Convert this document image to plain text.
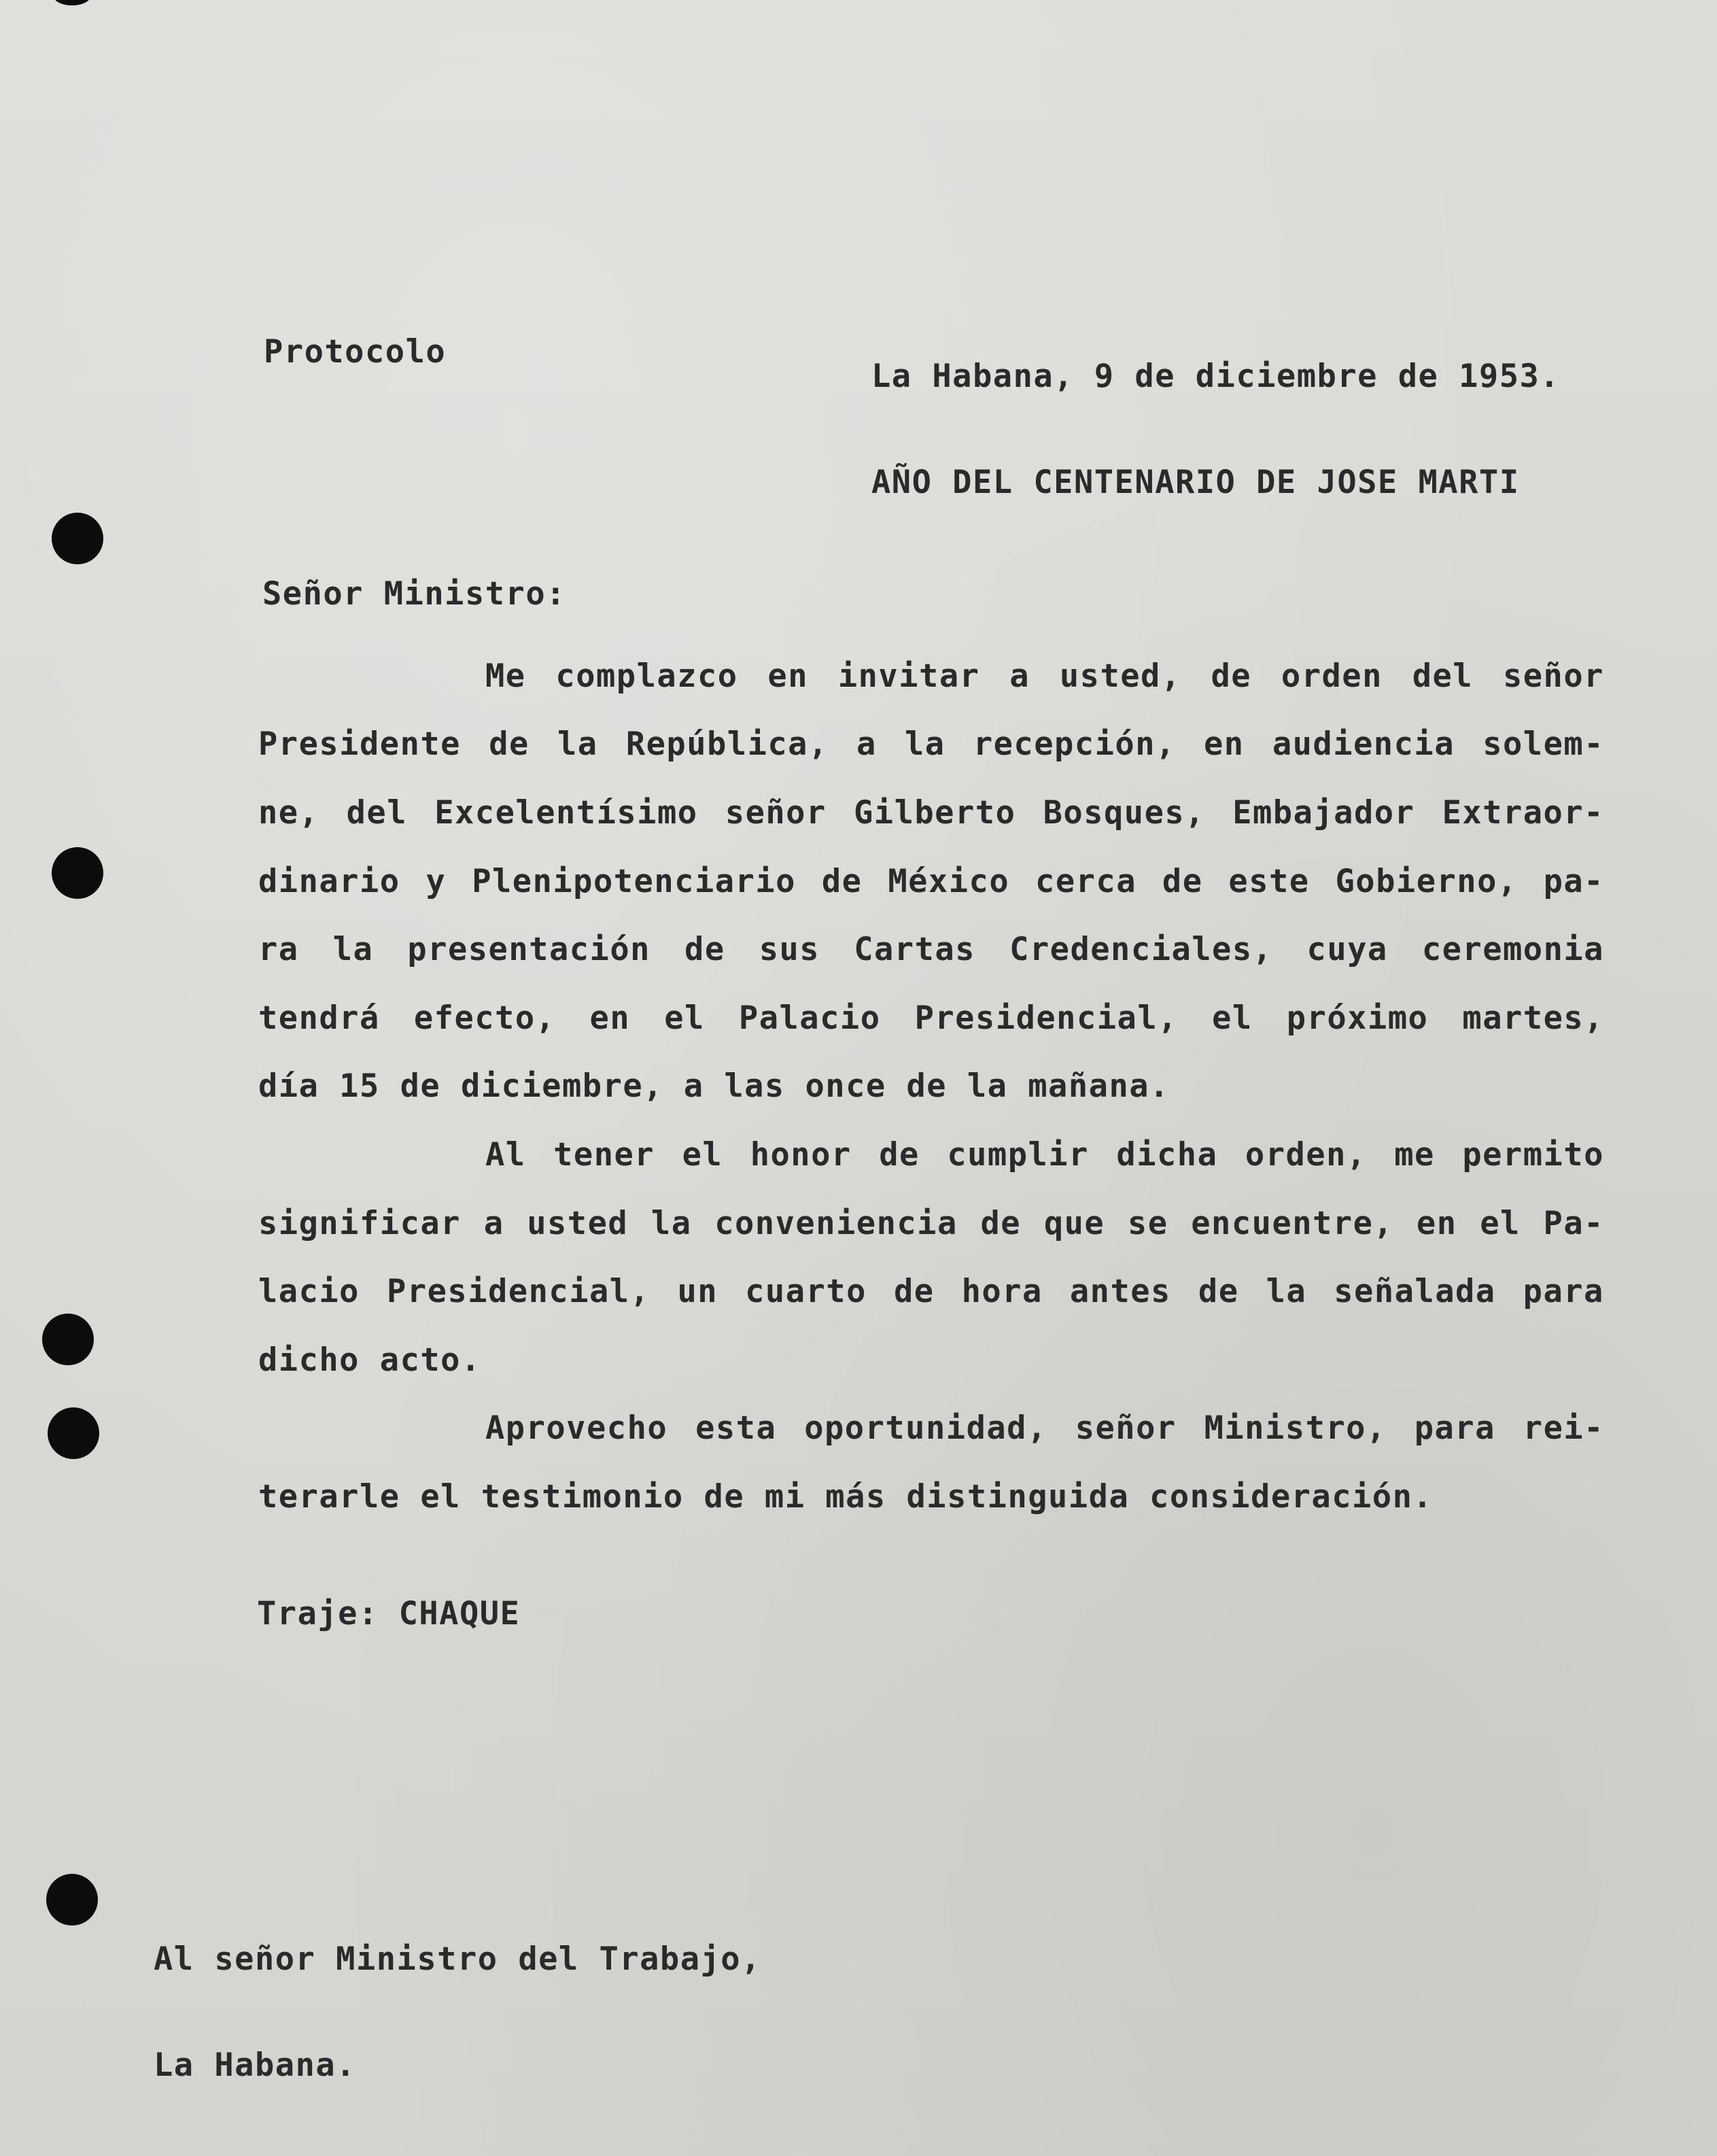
La Habana, 9 de diciembre de 1953.

AÑO DEL CENTENARIO DE JOSE MARTI

Protocolo
Señor Ministro:
Me complazco en invitar a usted, de orden del señor
Presidente de la República, a la recepción, en audiencia solem-
ne, del Excelentísimo señor Gilberto Bosques, Embajador Extraor-
dinario y Plenipotenciario de México cerca de este Gobierno, pa-
ra la presentación de sus Cartas Credenciales, cuya ceremonia
tendrá efecto, en el Palacio Presidencial, el próximo martes,
día 15 de diciembre, a las once de la mañana.
Al tener el honor de cumplir dicha orden, me permito
significar a usted la conveniencia de que se encuentre, en el Pa-
lacio Presidencial, un cuarto de hora antes de la señalada para
dicho acto.
Aprovecho esta oportunidad, señor Ministro, para rei-
terarle el testimonio de mi más distinguida consideración.
Traje: CHAQUE

Al señor Ministro del Trabajo,

La Habana.
